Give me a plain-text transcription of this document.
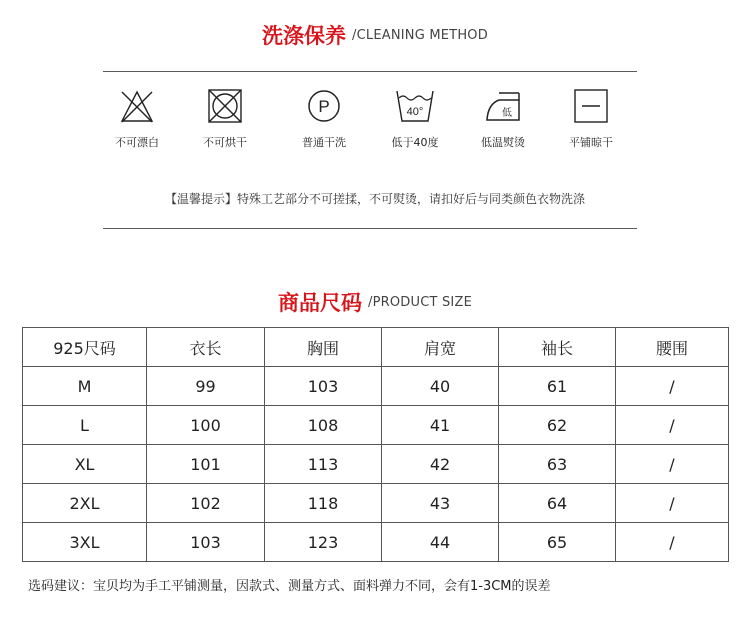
洗涤保养 /CLEANING METHOD
不可漂白	不可烘干
P
普通干洗
40°
低于40度
低
低温熨烫	平铺晾干
【温馨提示】特殊工艺部分不可搓揉，不可熨烫，请扣好后与同类颜色衣物洗涤
商品尺码 /PRODUCT SIZE
925尺码	衣长	胸围	肩宽	袖长	腰围
M	99	103	40	61	/
L	100	108	41	62	/
XL	101	113	42	63	/
2XL	102	118	43	64	/
3XL	103	123	44	65	/
选码建议：宝贝均为手工平铺测量，因款式、测量方式、面料弹力不同，会有1-3CM的误差
